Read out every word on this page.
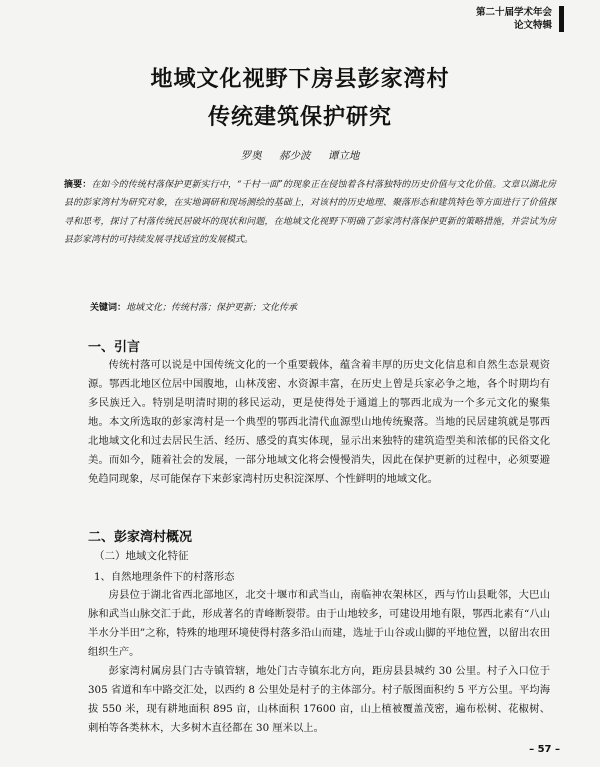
第二十届学术年会
论文特辑
地域文化视野下房县彭家湾村
传统建筑保护研究
罗奥 郝少波 谭立地
摘要：在如今的传统村落保护更新实行中，“千村一面”的现象正在侵蚀着各村落独特的历史价值与文化价值。文章以湖北房县的彭家湾村为研究对象，在实地调研和现场测绘的基础上，对该村的历史地理、聚落形态和建筑特色等方面进行了价值探寻和思考，探讨了村落传统民居破坏的现状和问题，在地域文化视野下明确了彭家湾村落保护更新的策略措施，并尝试为房县彭家湾村的可持续发展寻找适宜的发展模式。
关键词：地域文化；传统村落；保护更新；文化传承
一、引言
传统村落可以说是中国传统文化的一个重要载体，蕴含着丰厚的历史文化信息和自然生态景观资源。鄂西北地区位居中国腹地，山林茂密、水资源丰富，在历史上曾是兵家必争之地，各个时期均有多民族迁入。特别是明清时期的移民运动，更是使得处于通道上的鄂西北成为一个多元文化的聚集地。本文所选取的彭家湾村是一个典型的鄂西北清代血源型山地传统聚落。当地的民居建筑就是鄂西北地域文化和过去居民生活、经历、感受的真实体现，显示出来独特的建筑造型美和浓郁的民俗文化美。而如今，随着社会的发展，一部分地域文化将会慢慢消失，因此在保护更新的过程中，必须要避免趋同现象，尽可能保存下来彭家湾村历史积淀深厚、个性鲜明的地域文化。
二、彭家湾村概况
（二）地域文化特征
1、自然地理条件下的村落形态
房县位于湖北省西北部地区，北交十堰市和武当山，南临神农架林区，西与竹山县毗邻，大巴山脉和武当山脉交汇于此，形成著名的青峰断裂带。由于山地较多，可建设用地有限，鄂西北素有“八山半水分半田”之称，特殊的地理环境使得村落多沿山而建，选址于山谷或山脚的平地位置，以留出农田组织生产。
彭家湾村属房县门古寺镇管辖，地处门古寺镇东北方向，距房县县城约 30 公里。村子入口位于 305 省道和车中路交汇处，以西约 8 公里处是村子的主体部分。村子版图面积约 5 平方公里。平均海拔 550 米，现有耕地面积 895 亩，山林面积 17600 亩，山上植被覆盖茂密，遍布松树、花椒树、刺柏等各类林木，大多树木直径都在 30 厘米以上。
– 57 –
